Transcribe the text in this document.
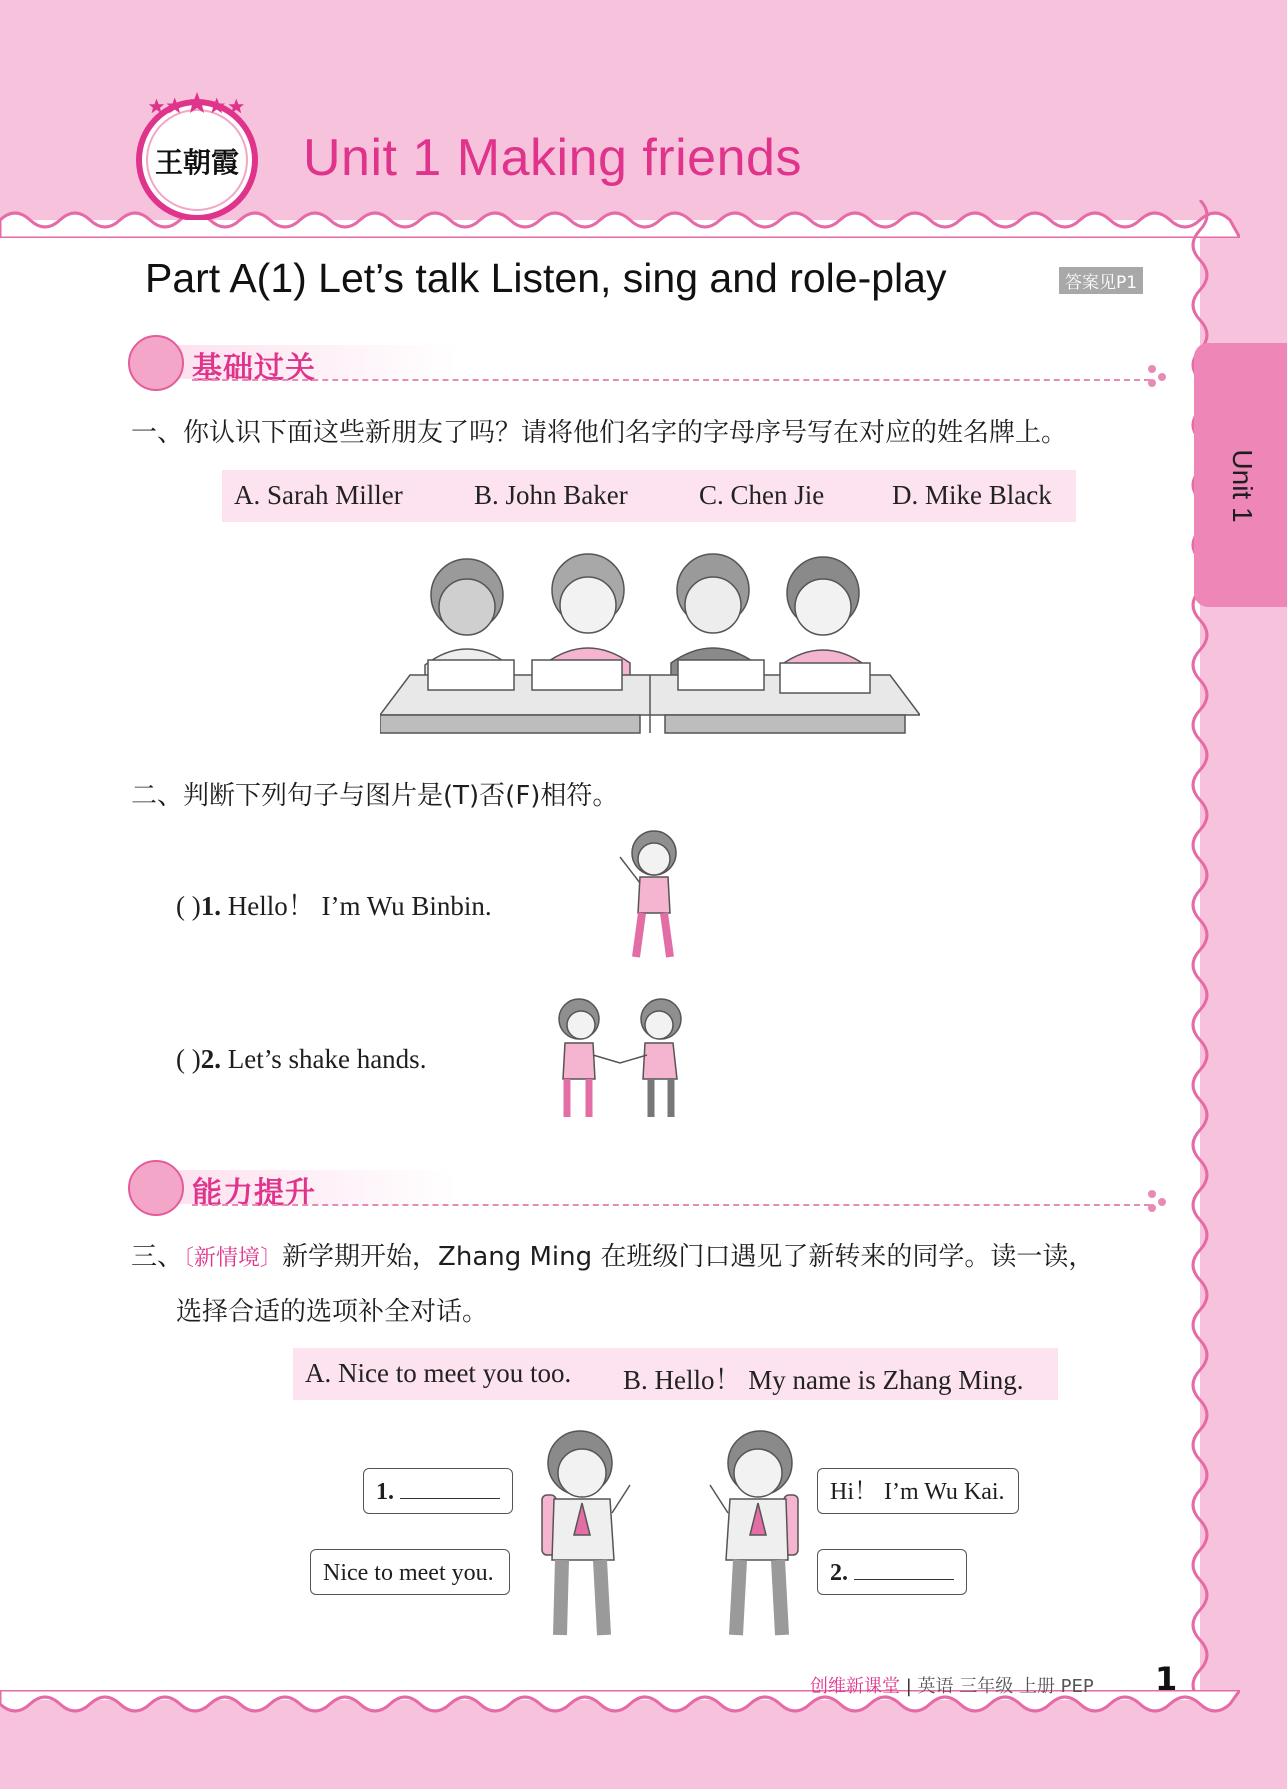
王朝霞 Unit 1 Making friends
Unit 1
Part A(1) Let’s talk Listen, sing and role-play	答案见P1
基础过关
一、你认识下面这些新朋友了吗？请将他们名字的字母序号写在对应的姓名牌上。
A. Sarah Miller	B. John Baker	C. Chen Jie	D. Mike Black
二、判断下列句子与图片是(T)否(F)相符。
( )1. Hello！ I’m Wu Binbin.
( )2. Let’s shake hands.
能力提升
三、〔新情境〕新学期开始，Zhang Ming 在班级门口遇见了新转来的同学。读一读，
选择合适的选项补全对话。
A. Nice to meet you too. B. Hello！ My name is Zhang Ming.
1.
Nice to meet you.
Hi！ I’m Wu Kai.
2.
创维新课堂 | 英语 三年级 上册 PEP 1
